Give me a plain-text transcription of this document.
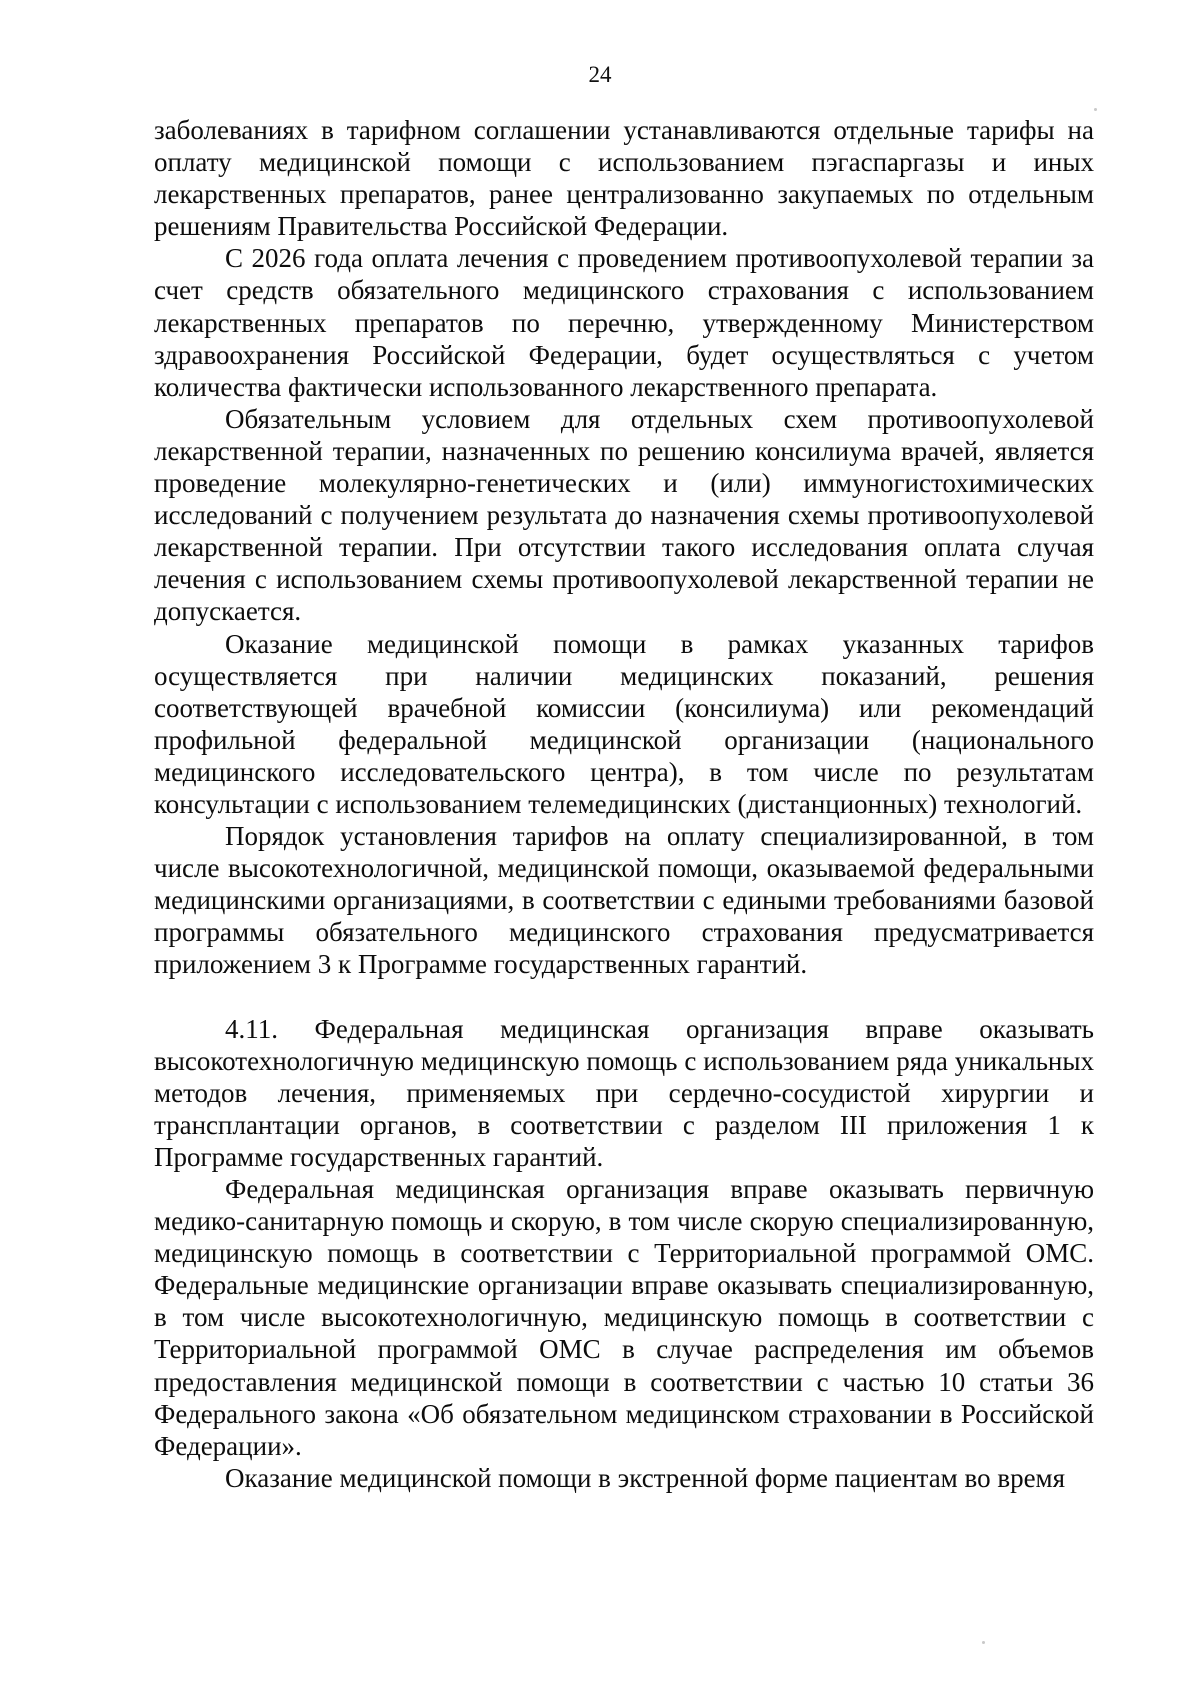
24

заболеваниях в тарифном соглашении устанавливаются отдельные тарифы на оплату медицинской помощи с использованием пэгаспаргазы и иных лекарственных препаратов, ранее централизованно закупаемых по отдельным решениям Правительства Российской Федерации.

С 2026 года оплата лечения с проведением противоопухолевой терапии за счет средств обязательного медицинского страхования с использованием лекарственных препаратов по перечню, утвержденному Министерством здравоохранения Российской Федерации, будет осуществляться с учетом количества фактически использованного лекарственного препарата.

Обязательным условием для отдельных схем противоопухолевой лекарственной терапии, назначенных по решению консилиума врачей, является проведение молекулярно-генетических и (или) иммуногистохимических исследований с получением результата до назначения схемы противоопухолевой лекарственной терапии. При отсутствии такого исследования оплата случая лечения с использованием схемы противоопухолевой лекарственной терапии не допускается.

Оказание медицинской помощи в рамках указанных тарифов осуществляется при наличии медицинских показаний, решения соответствующей врачебной комиссии (консилиума) или рекомендаций профильной федеральной медицинской организации (национального медицинского исследовательского центра), в том числе по результатам консультации с использованием телемедицинских (дистанционных) технологий.

Порядок установления тарифов на оплату специализированной, в том числе высокотехнологичной, медицинской помощи, оказываемой федеральными медицинскими организациями, в соответствии с едиными требованиями базовой программы обязательного медицинского страхования предусматривается приложением 3 к Программе государственных гарантий.

4.11. Федеральная медицинская организация вправе оказывать высокотехнологичную медицинскую помощь с использованием ряда уникальных методов лечения, применяемых при сердечно-сосудистой хирургии и трансплантации органов, в соответствии с разделом III приложения 1 к Программе государственных гарантий.

Федеральная медицинская организация вправе оказывать первичную медико-санитарную помощь и скорую, в том числе скорую специализированную, медицинскую помощь в соответствии с Территориальной программой ОМС. Федеральные медицинские организации вправе оказывать специализированную, в том числе высокотехнологичную, медицинскую помощь в соответствии с Территориальной программой ОМС в случае распределения им объемов предоставления медицинской помощи в соответствии с частью 10 статьи 36 Федерального закона «Об обязательном медицинском страховании в Российской Федерации».

Оказание медицинской помощи в экстренной форме пациентам во время
